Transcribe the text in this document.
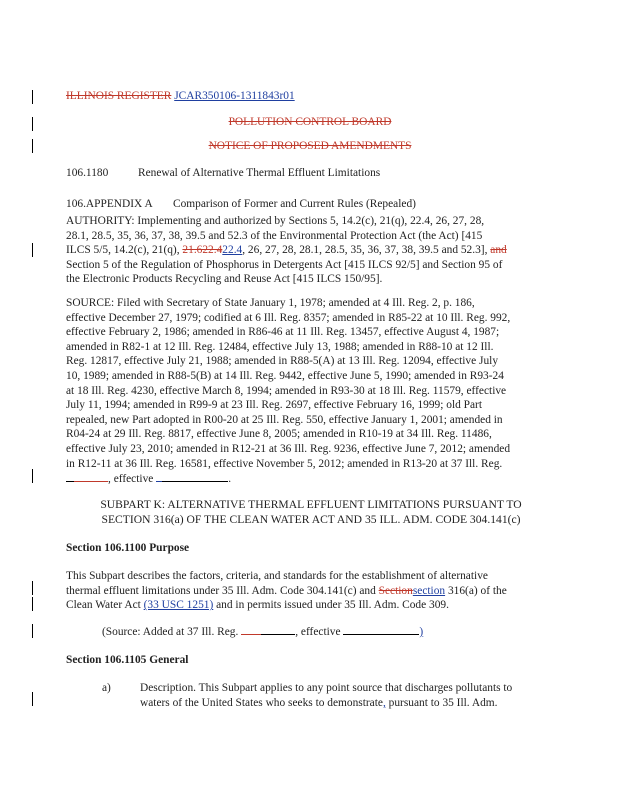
ILLINOIS REGISTER JCAR350106-1311843r01
POLLUTION CONTROL BOARD
NOTICE OF PROPOSED AMENDMENTS
106.1180	Renewal of Alternative Thermal Effluent Limitations
106.APPENDIX A Comparison of Former and Current Rules (Repealed)
AUTHORITY: Implementing and authorized by Sections 5, 14.2(c), 21(q), 22.4, 26, 27, 28,
28.1, 28.5, 35, 36, 37, 38, 39.5 and 52.3 of the Environmental Protection Act (the Act) [415
ILCS 5/5, 14.2(c), 21(q), 21.622.422.4, 26, 27, 28, 28.1, 28.5, 35, 36, 37, 38, 39.5 and 52.3], and
Section 5 of the Regulation of Phosphorus in Detergents Act [415 ILCS 92/5] and Section 95 of
the Electronic Products Recycling and Reuse Act [415 ILCS 150/95].
SOURCE: Filed with Secretary of State January 1, 1978; amended at 4 Ill. Reg. 2, p. 186,
effective December 27, 1979; codified at 6 Ill. Reg. 8357; amended in R85-22 at 10 Ill. Reg. 992,
effective February 2, 1986; amended in R86-46 at 11 Ill. Reg. 13457, effective August 4, 1987;
amended in R82-1 at 12 Ill. Reg. 12484, effective July 13, 1988; amended in R88-10 at 12 Ill.
Reg. 12817, effective July 21, 1988; amended in R88-5(A) at 13 Ill. Reg. 12094, effective July
10, 1989; amended in R88-5(B) at 14 Ill. Reg. 9442, effective June 5, 1990; amended in R93-24
at 18 Ill. Reg. 4230, effective March 8, 1994; amended in R93-30 at 18 Ill. Reg. 11579, effective
July 11, 1994; amended in R99-9 at 23 Ill. Reg. 2697, effective February 16, 1999; old Part
repealed, new Part adopted in R00-20 at 25 Ill. Reg. 550, effective January 1, 2001; amended in
R04-24 at 29 Ill. Reg. 8817, effective June 8, 2005; amended in R10-19 at 34 Ill. Reg. 11486,
effective July 23, 2010; amended in R12-21 at 36 Ill. Reg. 9236, effective June 7, 2012; amended
in R12-11 at 36 Ill. Reg. 16581, effective November 5, 2012; amended in R13-20 at 37 Ill. Reg.
, effective	.
SUBPART K: ALTERNATIVE THERMAL EFFLUENT LIMITATIONS PURSUANT TO
SECTION 316(a) OF THE CLEAN WATER ACT AND 35 ILL. ADM. CODE 304.141(c)
Section 106.1100 Purpose
This Subpart describes the factors, criteria, and standards for the establishment of alternative
thermal effluent limitations under 35 Ill. Adm. Code 304.141(c) and Sectionsection 316(a) of the
Clean Water Act (33 USC 1251) and in permits issued under 35 Ill. Adm. Code 309.
(Source: Added at 37 Ill. Reg.	, effective	)
Section 106.1105 General
a)	Description. This Subpart applies to any point source that discharges pollutants to
waters of the United States who seeks to demonstrate, pursuant to 35 Ill. Adm.
